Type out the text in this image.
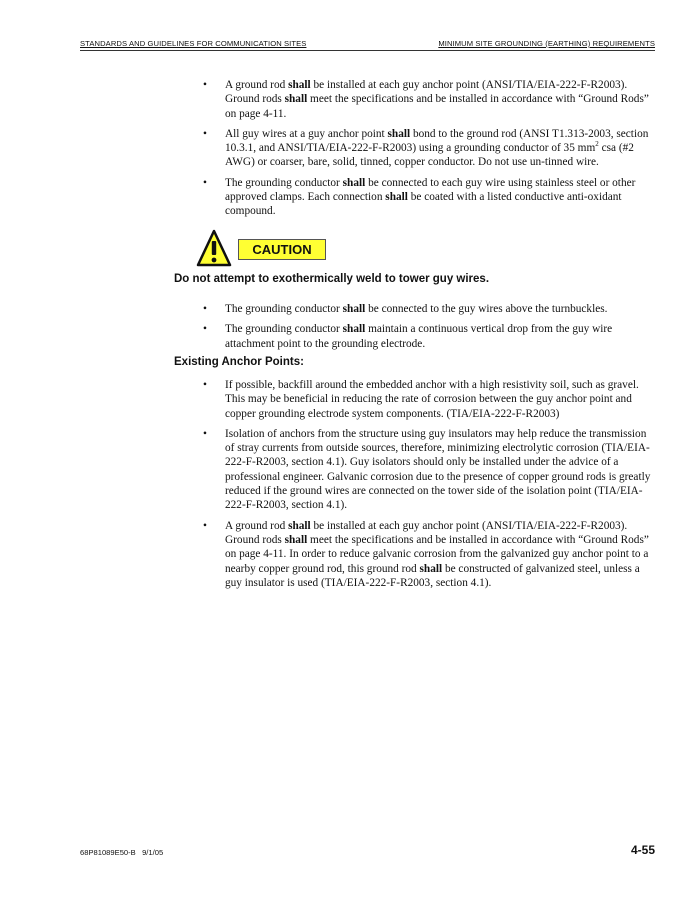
STANDARDS AND GUIDELINES FOR COMMUNICATION SITES	MINIMUM SITE GROUNDING (EARTHING) REQUIREMENTS
• A ground rod shall be installed at each guy anchor point (ANSI/TIA/EIA-222-F-R2003). Ground rods shall meet the specifications and be installed in accordance with “Ground Rods” on page 4-11.
• All guy wires at a guy anchor point shall bond to the ground rod (ANSI T1.313-2003, section 10.3.1, and ANSI/TIA/EIA-222-F-R2003) using a grounding conductor of 35 $mm^2$ csa (#2 AWG) or coarser, bare, solid, tinned, copper conductor. Do not use un-tinned wire.
• The grounding conductor shall be connected to each guy wire using stainless steel or other approved clamps. Each connection shall be coated with a listed conductive anti-oxidant compound.
CAUTION
Do not attempt to exothermically weld to tower guy wires.
• The grounding conductor shall be connected to the guy wires above the turnbuckles.
• The grounding conductor shall maintain a continuous vertical drop from the guy wire attachment point to the grounding electrode.
Existing Anchor Points:
• If possible, backfill around the embedded anchor with a high resistivity soil, such as gravel. This may be beneficial in reducing the rate of corrosion between the guy anchor point and copper grounding electrode system components. (TIA/EIA-222-F-R2003)
• Isolation of anchors from the structure using guy insulators may help reduce the transmission of stray currents from outside sources, therefore, minimizing electrolytic corrosion (TIA/EIA-222-F-R2003, section 4.1). Guy isolators should only be installed under the advice of a professional engineer. Galvanic corrosion due to the presence of copper ground rods is greatly reduced if the ground wires are connected on the tower side of the isolation point (TIA/EIA-222-F-R2003, section 4.1).
• A ground rod shall be installed at each guy anchor point (ANSI/TIA/EIA-222-F-R2003). Ground rods shall meet the specifications and be installed in accordance with “Ground Rods” on page 4-11. In order to reduce galvanic corrosion from the galvanized guy anchor point to a nearby copper ground rod, this ground rod shall be constructed of galvanized steel, unless a guy insulator is used (TIA/EIA-222-F-R2003, section 4.1).
68P81089E50-B 9/1/05	4-55
